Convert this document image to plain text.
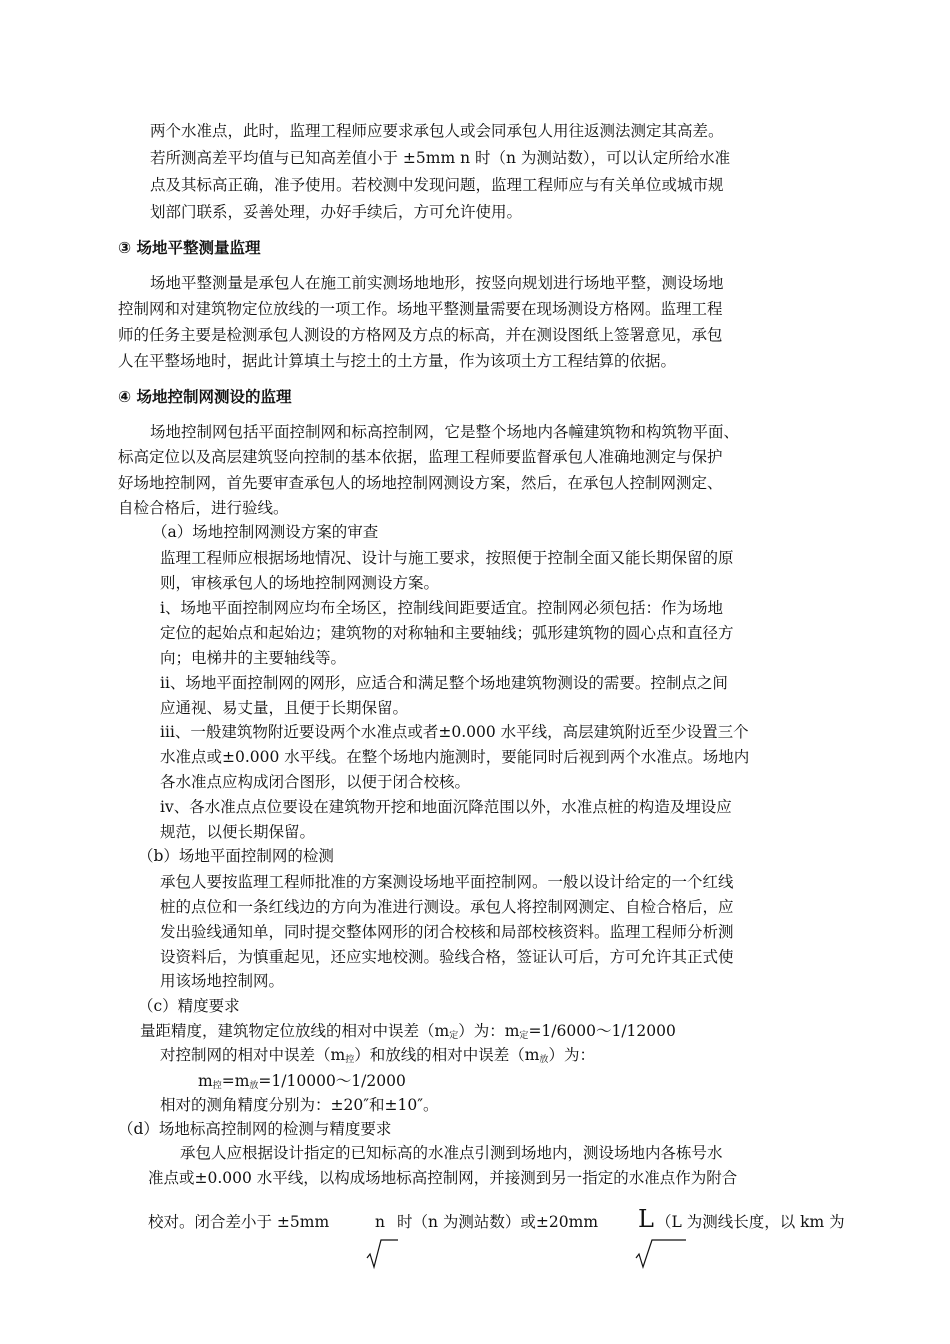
两个水准点，此时，监理工程师应要求承包人或会同承包人用往返测法测定其高差。
若所测高差平均值与已知高差值小于 ±5mm n 时（n 为测站数），可以认定所给水准
点及其标高正确，准予使用。若校测中发现问题，监理工程师应与有关单位或城市规
划部门联系，妥善处理，办好手续后，方可允许使用。
③ 场地平整测量监理
场地平整测量是承包人在施工前实测场地地形，按竖向规划进行场地平整，测设场地
控制网和对建筑物定位放线的一项工作。场地平整测量需要在现场测设方格网。监理工程
师的任务主要是检测承包人测设的方格网及方点的标高，并在测设图纸上签署意见，承包
人在平整场地时，据此计算填土与挖土的土方量，作为该项土方工程结算的依据。
④ 场地控制网测设的监理
场地控制网包括平面控制网和标高控制网，它是整个场地内各幢建筑物和构筑物平面、
标高定位以及高层建筑竖向控制的基本依据，监理工程师要监督承包人准确地测定与保护
好场地控制网，首先要审查承包人的场地控制网测设方案，然后，在承包人控制网测定、
自检合格后，进行验线。
（a）场地控制网测设方案的审查
监理工程师应根据场地情况、设计与施工要求，按照便于控制全面又能长期保留的原
则，审核承包人的场地控制网测设方案。
ⅰ、场地平面控制网应均布全场区，控制线间距要适宜。控制网必须包括：作为场地
定位的起始点和起始边；建筑物的对称轴和主要轴线；弧形建筑物的圆心点和直径方
向；电梯井的主要轴线等。
ⅱ、场地平面控制网的网形，应适合和满足整个场地建筑物测设的需要。控制点之间
应通视、易丈量，且便于长期保留。
ⅲ、一般建筑物附近要设两个水准点或者±0.000 水平线，高层建筑附近至少设置三个
水准点或±0.000 水平线。在整个场地内施测时，要能同时后视到两个水准点。场地内
各水准点应构成闭合图形，以便于闭合校核。
ⅳ、各水准点点位要设在建筑物开挖和地面沉降范围以外，水准点桩的构造及埋设应
规范，以便长期保留。
（b）场地平面控制网的检测
承包人要按监理工程师批准的方案测设场地平面控制网。一般以设计给定的一个红线
桩的点位和一条红线边的方向为准进行测设。承包人将控制网测定、自检合格后，应
发出验线通知单，同时提交整体网形的闭合校核和局部校核资料。监理工程师分析测
设资料后，为慎重起见，还应实地校测。验线合格，签证认可后，方可允许其正式使
用该场地控制网。
（c）精度要求
量距精度，建筑物定位放线的相对中误差$(m_定)$为：$m_定=1/6000\sim 1/12000$
对控制网的相对中误差$(m_控)$和放线的相对中误差$(m_放)$为：
$m_控=m_放=1/10000\sim 1/2000$
相对的测角精度分别为：±20″和±10″。
（d）场地标高控制网的检测与精度要求
承包人应根据设计指定的已知标高的水准点引测到场地内，测设场地内各栋号水
准点或±0.000 水平线，以构成场地标高控制网，并接测到另一指定的水准点作为附合
校对。闭合差小于 ±5mm	n 时（n 为测站数）或±20mm L （L 为测线长度，以 km 为
